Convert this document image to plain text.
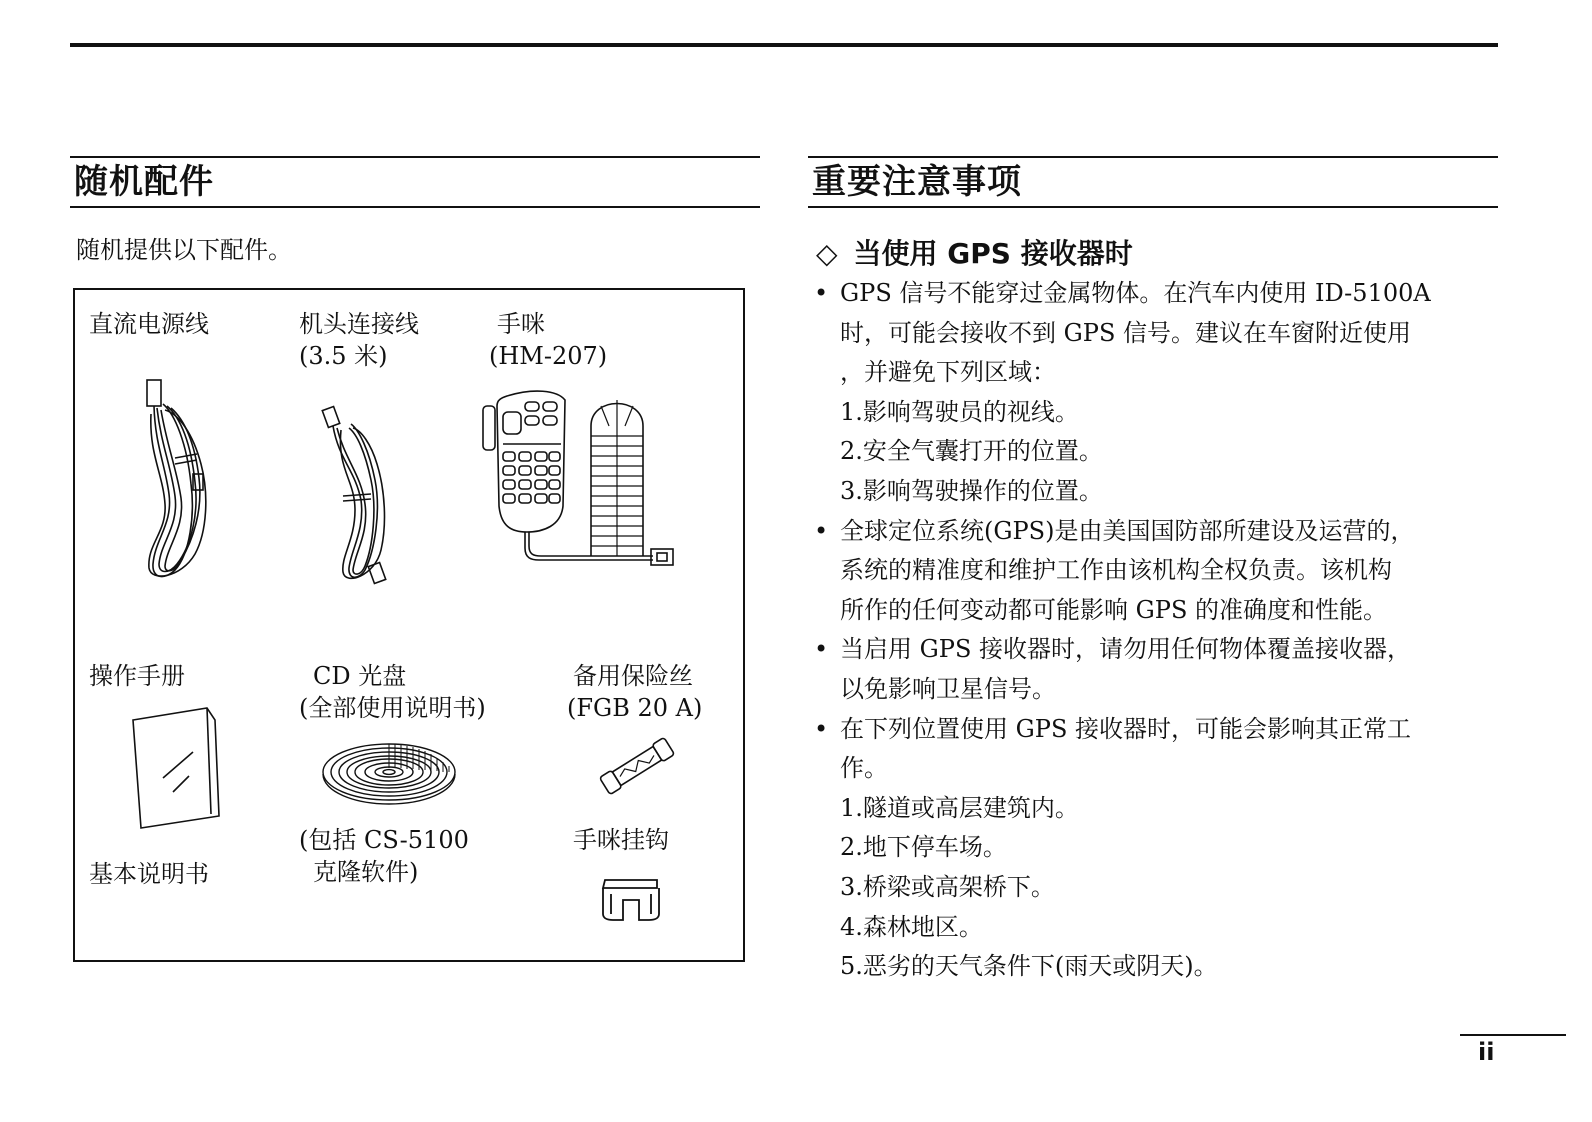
随机配件
随机提供以下配件。
直流电源线	机头连接线
(3.5 米)
手咪
(HM-207)
操作手册
基本说明书
CD 光盘
(全部使用说明书)
(包括 CS-5100
克隆软件)
备用保险丝
(FGB 20 A)
手咪挂钩
重要注意事项
◇ 当使用 GPS 接收器时
• GPS 信号不能穿过金属物体。在汽车内使用 ID-5100A
时，可能会接收不到 GPS 信号。建议在车窗附近使用
，并避免下列区域：
1.影响驾驶员的视线。
2.安全气囊打开的位置。
3.影响驾驶操作的位置。
• 全球定位系统(GPS)是由美国国防部所建设及运营的，
系统的精准度和维护工作由该机构全权负责。该机构
所作的任何变动都可能影响 GPS 的准确度和性能。
• 当启用 GPS 接收器时，请勿用任何物体覆盖接收器，
以免影响卫星信号。
• 在下列位置使用 GPS 接收器时，可能会影响其正常工
作。
1.隧道或高层建筑内。
2.地下停车场。
3.桥梁或高架桥下。
4.森林地区。
5.恶劣的天气条件下(雨天或阴天)。
ii
